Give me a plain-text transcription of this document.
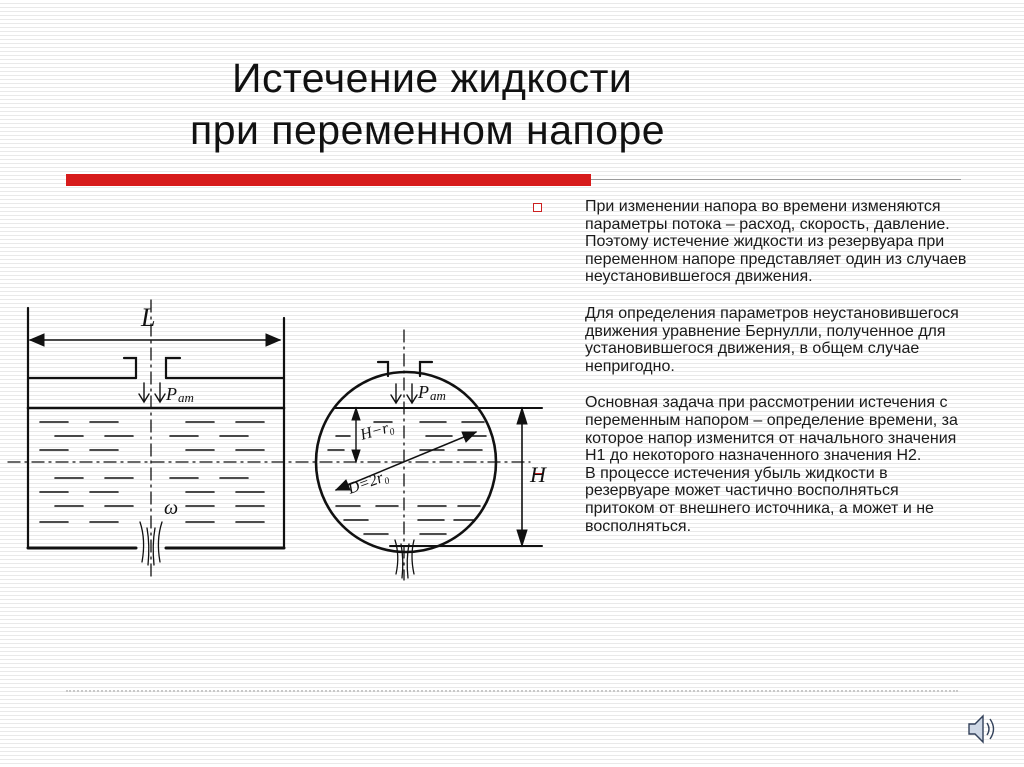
Истечение жидкости
при переменном напоре
При изменении напора во времени изменяются параметры потока – расход, скорость, давление. Поэтому истечение жидкости из резервуара при переменном напоре представляет один из случаев неустановившегося движения.
Для определения параметров неустановившегося движения уравнение Бернулли, полученное для установившегося движения, в общем случае непригодно.
Основная задача при рассмотрении истечения с переменным напором – определение времени, за которое напор изменится от начального значения H1 до некоторого назначенного значения H2.
В процессе истечения убыль жидкости в резервуаре может частично восполняться притоком от внешнего источника, а может и не восполняться.
L
P ат
ω
P ат
H−r₀
D=2r₀	H
